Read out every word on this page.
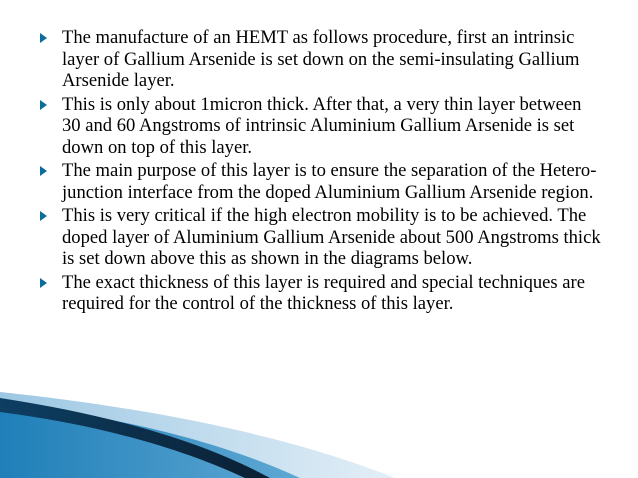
The manufacture of an HEMT as follows procedure, first an intrinsic layer of Gallium Arsenide is set down on the semi-insulating Gallium Arsenide layer.
This is only about 1micron thick. After that, a very thin layer between 30 and 60 Angstroms of intrinsic Aluminium Gallium Arsenide is set down on top of this layer.
The main purpose of this layer is to ensure the separation of the Hetero-junction interface from the doped Aluminium Gallium Arsenide region.
This is very critical if the high electron mobility is to be achieved. The doped layer of Aluminium Gallium Arsenide about 500 Angstroms thick is set down above this as shown in the diagrams below.
The exact thickness of this layer is required and special techniques are required for the control of the thickness of this layer.
